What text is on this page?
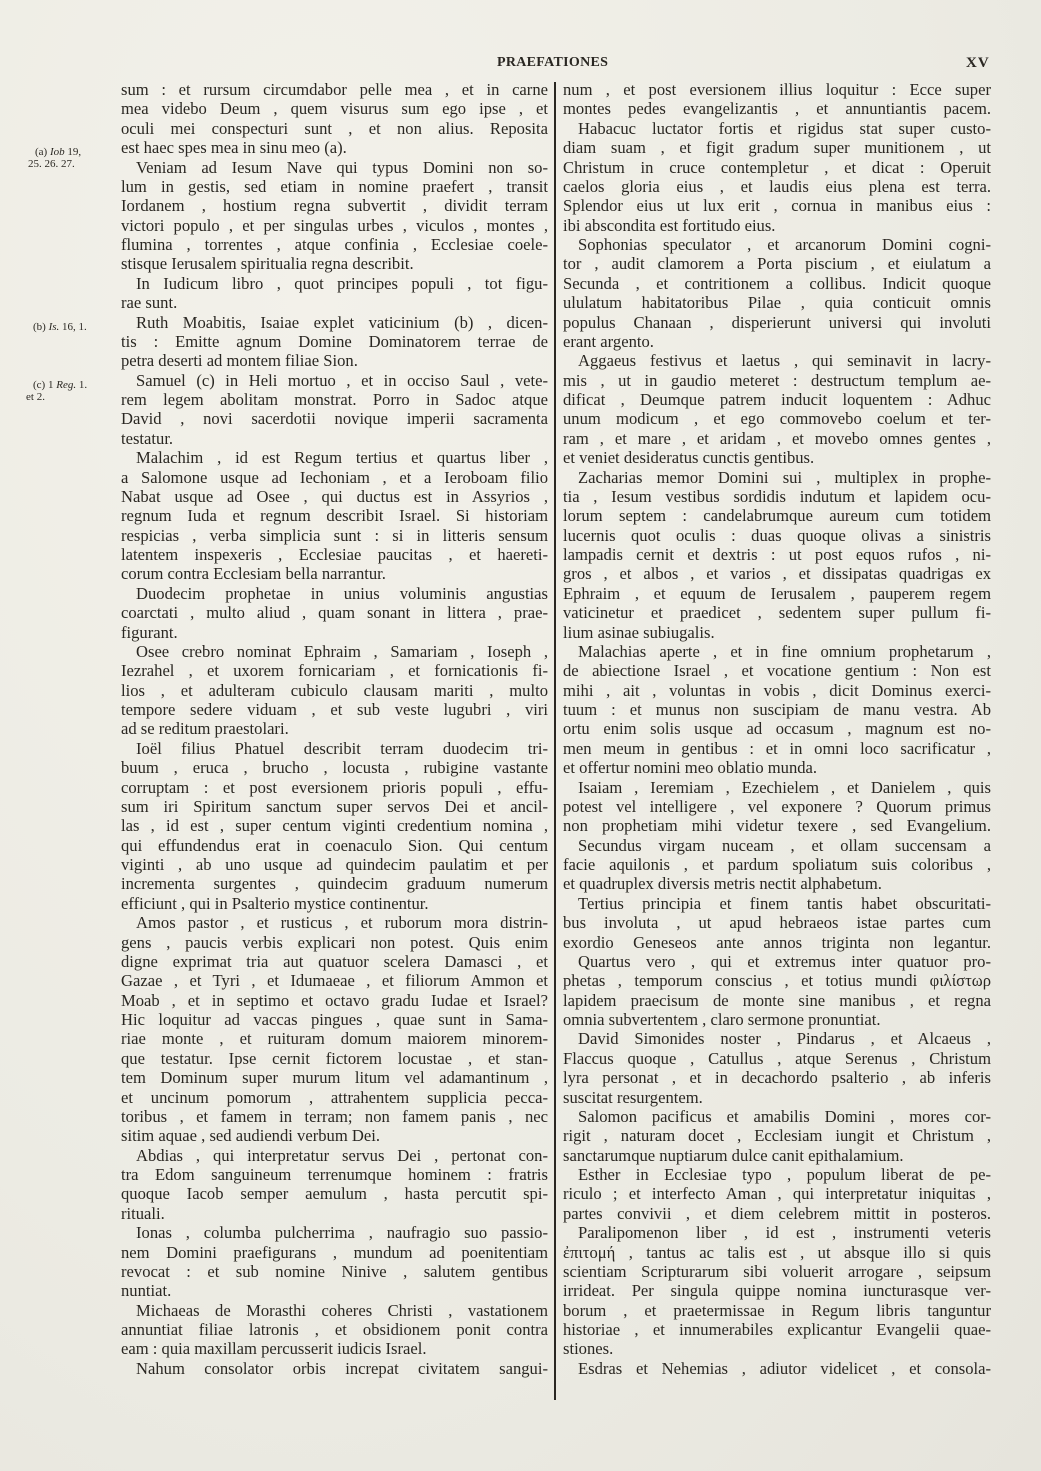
PRAEFATIONES	XV
(a) Iob 19,
25. 26. 27.
(b) Is. 16, 1.
(c) 1 Reg. 1.
et 2.
sum : et rursum circumdabor pelle mea , et in carne
mea videbo Deum , quem visurus sum ego ipse , et
oculi mei conspecturi sunt , et non alius. Reposita
est haec spes mea in sinu meo (a).
Veniam ad Iesum Nave qui typus Domini non so-
lum in gestis, sed etiam in nomine praefert , transit
Iordanem , hostium regna subvertit , dividit terram
victori populo , et per singulas urbes , viculos , montes ,
flumina , torrentes , atque confinia , Ecclesiae coele-
stisque Ierusalem spiritualia regna describit.
In Iudicum libro , quot principes populi , tot figu-
rae sunt.
Ruth Moabitis, Isaiae explet vaticinium (b) , dicen-
tis : Emitte agnum Domine Dominatorem terrae de
petra deserti ad montem filiae Sion.
Samuel (c) in Heli mortuo , et in occiso Saul , vete-
rem legem abolitam monstrat. Porro in Sadoc atque
David , novi sacerdotii novique imperii sacramenta
testatur.
Malachim , id est Regum tertius et quartus liber ,
a Salomone usque ad Iechoniam , et a Ieroboam filio
Nabat usque ad Osee , qui ductus est in Assyrios ,
regnum Iuda et regnum describit Israel. Si historiam
respicias , verba simplicia sunt : si in litteris sensum
latentem inspexeris , Ecclesiae paucitas , et haereti-
corum contra Ecclesiam bella narrantur.
Duodecim prophetae in unius voluminis angustias
coarctati , multo aliud , quam sonant in littera , prae-
figurant.
Osee crebro nominat Ephraim , Samariam , Ioseph ,
Iezrahel , et uxorem fornicariam , et fornicationis fi-
lios , et adulteram cubiculo clausam mariti , multo
tempore sedere viduam , et sub veste lugubri , viri
ad se reditum praestolari.
Ioël filius Phatuel describit terram duodecim tri-
buum , eruca , brucho , locusta , rubigine vastante
corruptam : et post eversionem prioris populi , effu-
sum iri Spiritum sanctum super servos Dei et ancil-
las , id est , super centum viginti credentium nomina ,
qui effundendus erat in coenaculo Sion. Qui centum
viginti , ab uno usque ad quindecim paulatim et per
incrementa surgentes , quindecim graduum numerum
efficiunt , qui in Psalterio mystice continentur.
Amos pastor , et rusticus , et ruborum mora distrin-
gens , paucis verbis explicari non potest. Quis enim
digne exprimat tria aut quatuor scelera Damasci , et
Gazae , et Tyri , et Idumaeae , et filiorum Ammon et
Moab , et in septimo et octavo gradu Iudae et Israel?
Hic loquitur ad vaccas pingues , quae sunt in Sama-
riae monte , et ruituram domum maiorem minorem-
que testatur. Ipse cernit fictorem locustae , et stan-
tem Dominum super murum litum vel adamantinum ,
et uncinum pomorum , attrahentem supplicia pecca-
toribus , et famem in terram; non famem panis , nec
sitim aquae , sed audiendi verbum Dei.
Abdias , qui interpretatur servus Dei , pertonat con-
tra Edom sanguineum terrenumque hominem : fratris
quoque Iacob semper aemulum , hasta percutit spi-
rituali.
Ionas , columba pulcherrima , naufragio suo passio-
nem Domini praefigurans , mundum ad poenitentiam
revocat : et sub nomine Ninive , salutem gentibus
nuntiat.
Michaeas de Morasthi coheres Christi , vastationem
annuntiat filiae latronis , et obsidionem ponit contra
eam : quia maxillam percusserit iudicis Israel.
Nahum consolator orbis increpat civitatem sangui-
num , et post eversionem illius loquitur : Ecce super
montes pedes evangelizantis , et annuntiantis pacem.
Habacuc luctator fortis et rigidus stat super custo-
diam suam , et figit gradum super munitionem , ut
Christum in cruce contempletur , et dicat : Operuit
caelos gloria eius , et laudis eius plena est terra.
Splendor eius ut lux erit , cornua in manibus eius :
ibi abscondita est fortitudo eius.
Sophonias speculator , et arcanorum Domini cogni-
tor , audit clamorem a Porta piscium , et eiulatum a
Secunda , et contritionem a collibus. Indicit quoque
ululatum habitatoribus Pilae , quia conticuit omnis
populus Chanaan , disperierunt universi qui involuti
erant argento.
Aggaeus festivus et laetus , qui seminavit in lacry-
mis , ut in gaudio meteret : destructum templum ae-
dificat , Deumque patrem inducit loquentem : Adhuc
unum modicum , et ego commovebo coelum et ter-
ram , et mare , et aridam , et movebo omnes gentes ,
et veniet desideratus cunctis gentibus.
Zacharias memor Domini sui , multiplex in prophe-
tia , Iesum vestibus sordidis indutum et lapidem ocu-
lorum septem : candelabrumque aureum cum totidem
lucernis quot oculis : duas quoque olivas a sinistris
lampadis cernit et dextris : ut post equos rufos , ni-
gros , et albos , et varios , et dissipatas quadrigas ex
Ephraim , et equum de Ierusalem , pauperem regem
vaticinetur et praedicet , sedentem super pullum fi-
lium asinae subiugalis.
Malachias aperte , et in fine omnium prophetarum ,
de abiectione Israel , et vocatione gentium : Non est
mihi , ait , voluntas in vobis , dicit Dominus exerci-
tuum : et munus non suscipiam de manu vestra. Ab
ortu enim solis usque ad occasum , magnum est no-
men meum in gentibus : et in omni loco sacrificatur ,
et offertur nomini meo oblatio munda.
Isaiam , Ieremiam , Ezechielem , et Danielem , quis
potest vel intelligere , vel exponere ? Quorum primus
non prophetiam mihi videtur texere , sed Evangelium.
Secundus virgam nuceam , et ollam succensam a
facie aquilonis , et pardum spoliatum suis coloribus ,
et quadruplex diversis metris nectit alphabetum.
Tertius principia et finem tantis habet obscuritati-
bus involuta , ut apud hebraeos istae partes cum
exordio Geneseos ante annos triginta non legantur.
Quartus vero , qui et extremus inter quatuor pro-
phetas , temporum conscius , et totius mundi φιλίστωρ
lapidem praecisum de monte sine manibus , et regna
omnia subvertentem , claro sermone pronuntiat.
David Simonides noster , Pindarus , et Alcaeus ,
Flaccus quoque , Catullus , atque Serenus , Christum
lyra personat , et in decachordo psalterio , ab inferis
suscitat resurgentem.
Salomon pacificus et amabilis Domini , mores cor-
rigit , naturam docet , Ecclesiam iungit et Christum ,
sanctarumque nuptiarum dulce canit epithalamium.
Esther in Ecclesiae typo , populum liberat de pe-
riculo ; et interfecto Aman , qui interpretatur iniquitas ,
partes convivii , et diem celebrem mittit in posteros.
Paralipomenon liber , id est , instrumenti veteris
ἐπιτομή , tantus ac talis est , ut absque illo si quis
scientiam Scripturarum sibi voluerit arrogare , seipsum
irrideat. Per singula quippe nomina iuncturasque ver-
borum , et praetermissae in Regum libris tanguntur
historiae , et innumerabiles explicantur Evangelii quae-
stiones.
Esdras et Nehemias , adiutor videlicet , et consola-
